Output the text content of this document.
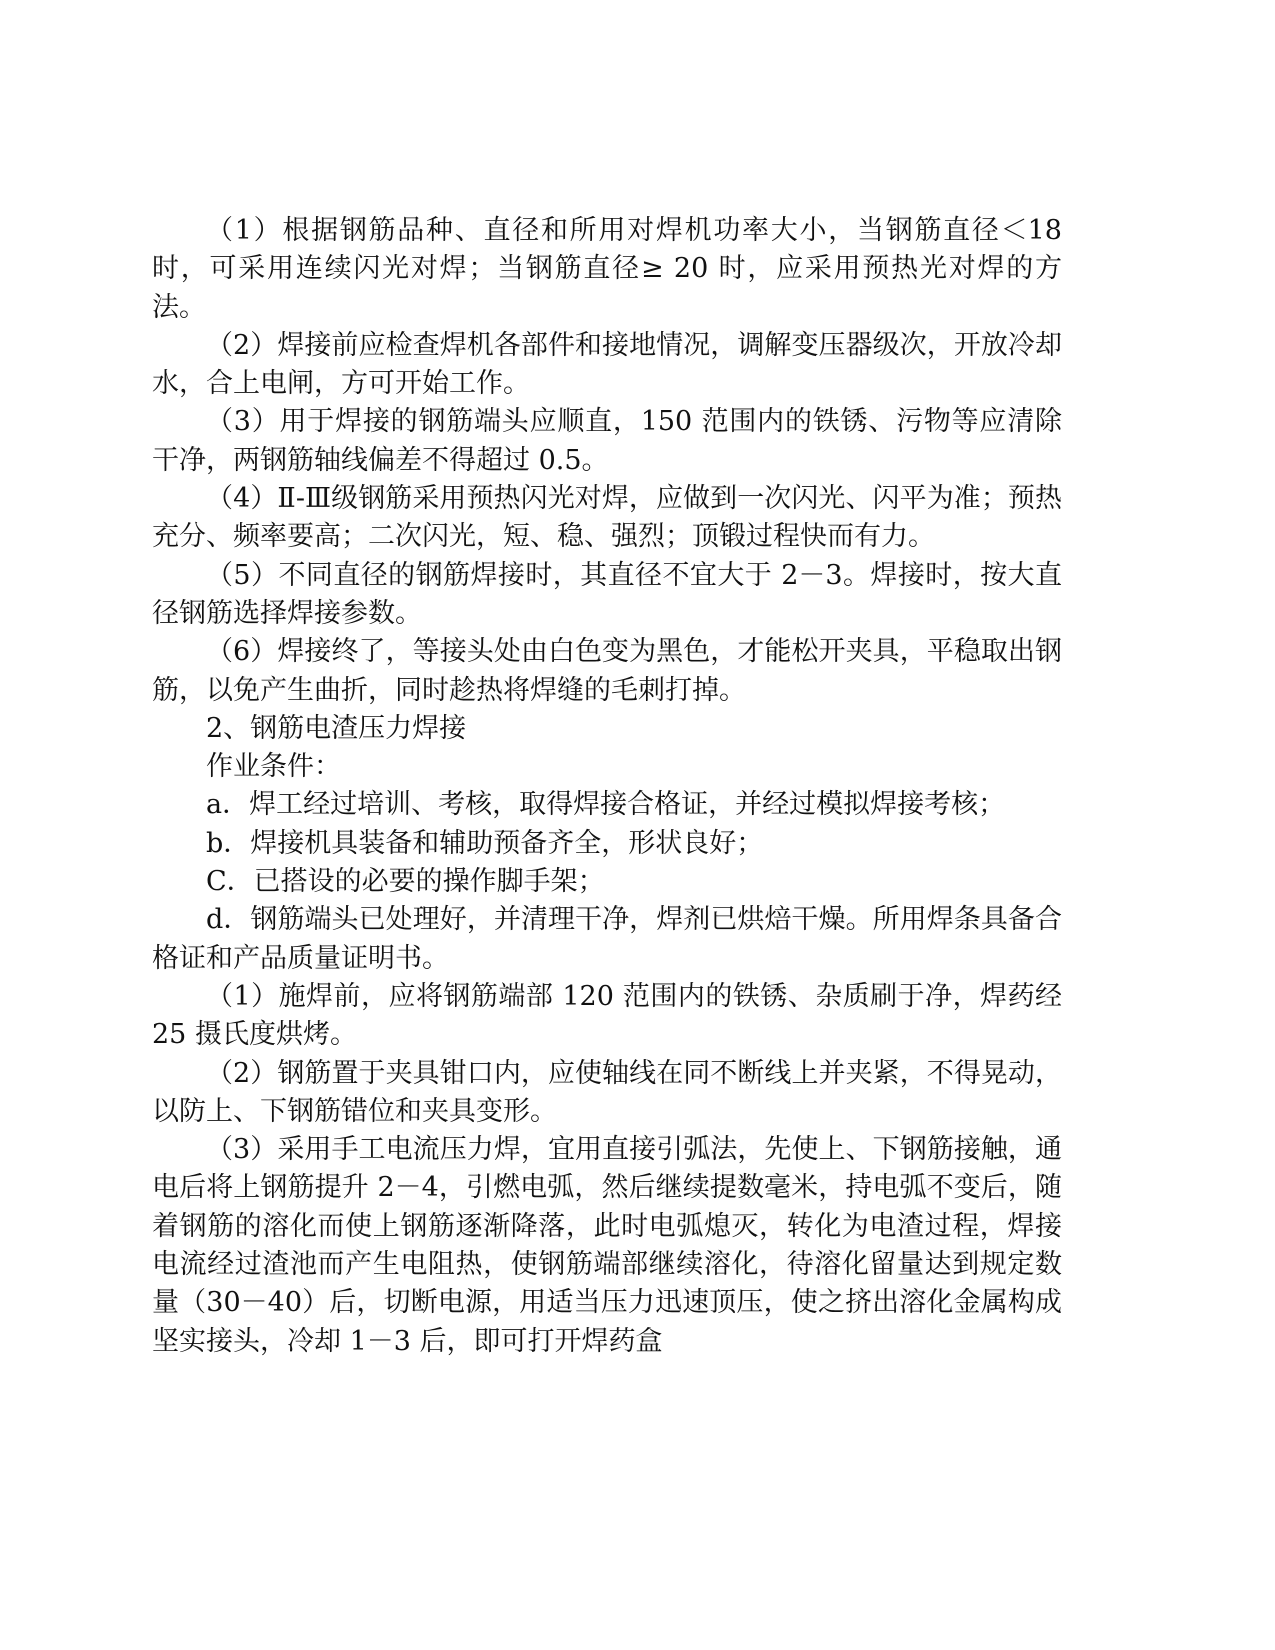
（1）根据钢筋品种、直径和所用对焊机功率大小，当钢筋直径＜18时，可采用连续闪光对焊；当钢筋直径≥ 20 时，应采用预热光对焊的方法。

（2）焊接前应检查焊机各部件和接地情况，调解变压器级次，开放冷却水，合上电闸，方可开始工作。

（3）用于焊接的钢筋端头应顺直，150 范围内的铁锈、污物等应清除干净，两钢筋轴线偏差不得超过 0.5。

（4）Ⅱ-Ⅲ级钢筋采用预热闪光对焊，应做到一次闪光、闪平为准；预热充分、频率要高；二次闪光，短、稳、强烈；顶锻过程快而有力。

（5）不同直径的钢筋焊接时，其直径不宜大于 2－3。焊接时，按大直径钢筋选择焊接参数。

（6）焊接终了，等接头处由白色变为黑色，才能松开夹具，平稳取出钢筋，以免产生曲折，同时趁热将焊缝的毛刺打掉。

2、钢筋电渣压力焊接

作业条件：

a．焊工经过培训、考核，取得焊接合格证，并经过模拟焊接考核；

b．焊接机具装备和辅助预备齐全，形状良好；

C．已搭设的必要的操作脚手架；

d．钢筋端头已处理好，并清理干净，焊剂已烘焙干燥。所用焊条具备合格证和产品质量证明书。

（1）施焊前，应将钢筋端部 120 范围内的铁锈、杂质刷于净，焊药经 25 摄氏度烘烤。

（2）钢筋置于夹具钳口内，应使轴线在同不断线上并夹紧，不得晃动，以防上、下钢筋错位和夹具变形。

（3）采用手工电流压力焊，宜用直接引弧法，先使上、下钢筋接触，通电后将上钢筋提升 2－4，引燃电弧，然后继续提数毫米，持电弧不变后，随着钢筋的溶化而使上钢筋逐渐降落，此时电弧熄灭，转化为电渣过程，焊接电流经过渣池而产生电阻热，使钢筋端部继续溶化，待溶化留量达到规定数量（30－40）后，切断电源，用适当压力迅速顶压，使之挤出溶化金属构成坚实接头，冷却 1－3 后，即可打开焊药盒
